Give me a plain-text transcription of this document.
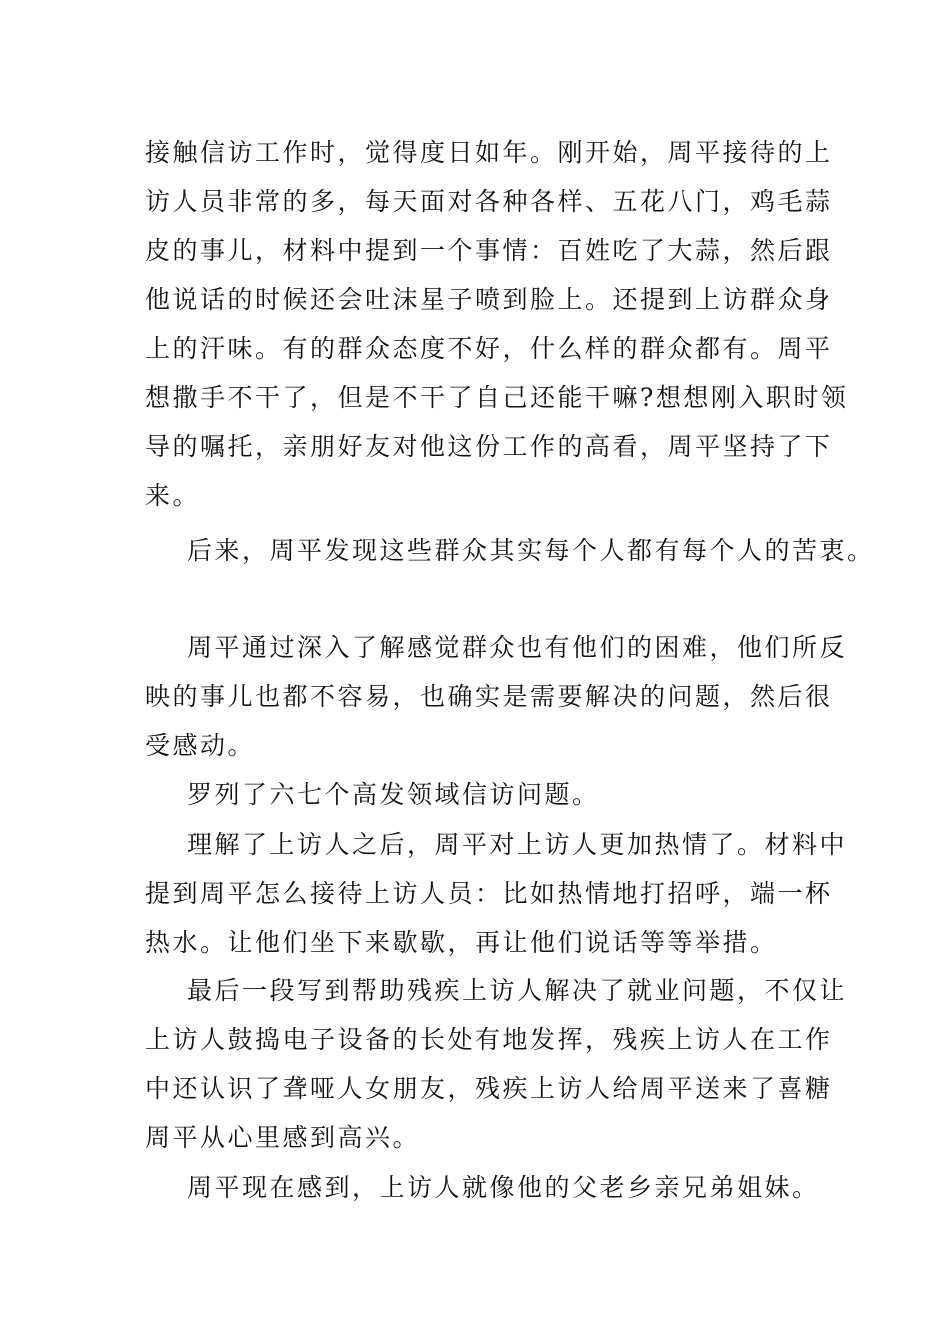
接触信访工作时，觉得度日如年。刚开始，周平接待的上
访人员非常的多，每天面对各种各样、五花八门，鸡毛蒜
皮的事儿，材料中提到一个事情：百姓吃了大蒜，然后跟
他说话的时候还会吐沫星子喷到脸上。还提到上访群众身
上的汗味。有的群众态度不好，什么样的群众都有。周平
想撒手不干了，但是不干了自己还能干嘛?想想刚入职时领
导的嘱托，亲朋好友对他这份工作的高看，周平坚持了下
来。
后来，周平发现这些群众其实每个人都有每个人的苦衷。
周平通过深入了解感觉群众也有他们的困难，他们所反
映的事儿也都不容易，也确实是需要解决的问题，然后很
受感动。
罗列了六七个高发领域信访问题。
理解了上访人之后，周平对上访人更加热情了。材料中
提到周平怎么接待上访人员：比如热情地打招呼，端一杯
热水。让他们坐下来歇歇，再让他们说话等等举措。
最后一段写到帮助残疾上访人解决了就业问题，不仅让
上访人鼓捣电子设备的长处有地发挥，残疾上访人在工作
中还认识了聋哑人女朋友，残疾上访人给周平送来了喜糖
周平从心里感到高兴。
周平现在感到，上访人就像他的父老乡亲兄弟姐妹。
